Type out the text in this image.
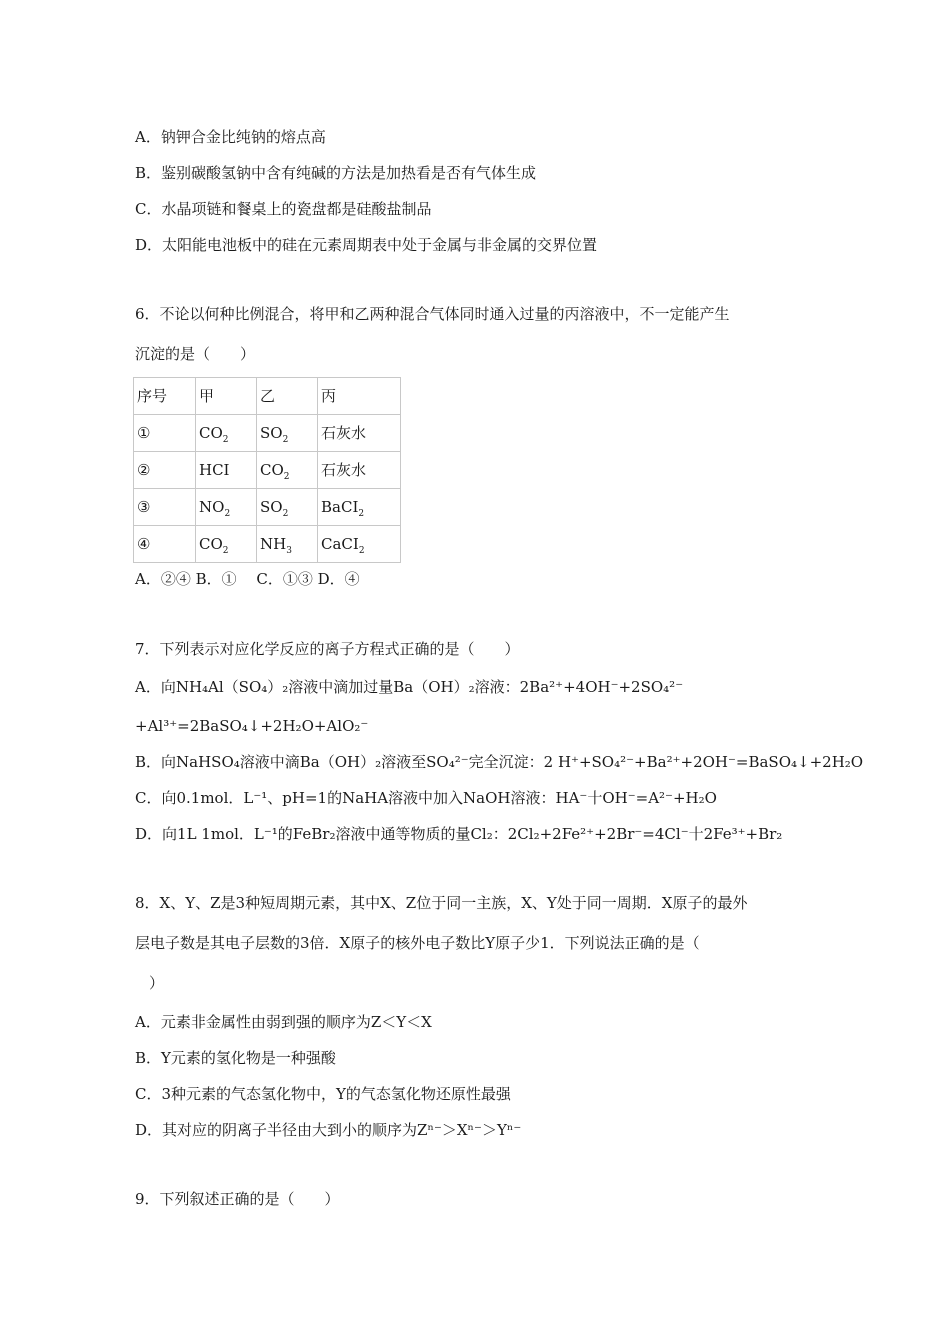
A．钠钾合金比纯钠的熔点高
B．鉴别碳酸氢钠中含有纯碱的方法是加热看是否有气体生成
C．水晶项链和餐桌上的瓷盘都是硅酸盐制品
D．太阳能电池板中的硅在元素周期表中处于金属与非金属的交界位置
6．不论以何种比例混合，将甲和乙两种混合气体同时通入过量的丙溶液中，不一定能产生
沉淀的是（　　）
序号	甲	乙	丙
①	$CO_2$	$SO_2$	石灰水
②	HCI	$CO_2$	石灰水
③	$NO_2$	$SO_2$	BaCI$_2$
④	$CO_2$	$NH_3$	CaCI$_2$
A．②④ B．①　 C．①③ D．④
7．下列表示对应化学反应的离子方程式正确的是（　　）
A．向NH₄Al（SO₄）₂溶液中滴加过量Ba（OH）₂溶液：2Ba²⁺+4OH⁻+2SO₄²⁻
+Al³⁺=2BaSO₄↓+2H₂O+AlO₂⁻
B．向NaHSO₄溶液中滴Ba（OH）₂溶液至SO₄²⁻完全沉淀：2 H⁺+SO₄²⁻+Ba²⁺+2OH⁻=BaSO₄↓+2H₂O
C．向0.1mol．L⁻¹、pH=1的NaHA溶液中加入NaOH溶液：HA⁻十OH⁻=A²⁻+H₂O
D．向1L 1mol．L⁻¹的FeBr₂溶液中通等物质的量Cl₂：2Cl₂+2Fe²⁺+2Br⁻=4Cl⁻十2Fe³⁺+Br₂
8．X、Y、Z是3种短周期元素，其中X、Z位于同一主族，X、Y处于同一周期．X原子的最外
层电子数是其电子层数的3倍．X原子的核外电子数比Y原子少1．下列说法正确的是（
）
A．元素非金属性由弱到强的顺序为Z＜Y＜X
B．Y元素的氢化物是一种强酸
C．3种元素的气态氢化物中，Y的气态氢化物还原性最强
D．其对应的阴离子半径由大到小的顺序为Zⁿ⁻＞Xⁿ⁻＞Yⁿ⁻
9．下列叙述正确的是（　　）
